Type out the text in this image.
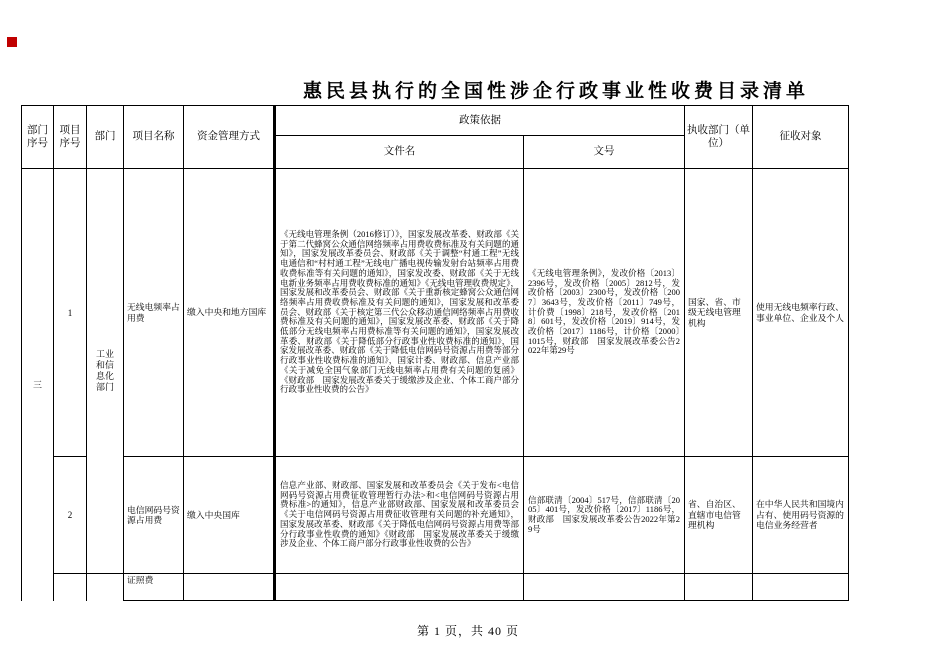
惠民县执行的全国性涉企行政事业性收费目录清单
部门序号	项目序号	部门	项目名称	资金管理方式	政策依据		执收部门（单位）	征收对象
					文件名	文号		
三	1	工业和信息化部门	无线电频率占用费	缴入中央和地方国库	《无线电管理条例（2016修订）》，国家发展改革委、财政部《关于第二代蜂窝公众通信网络频率占用费收费标准及有关问题的通知》，国家发展改革委员会、财政部《关于调整“村通工程”无线电通信和“村村通工程”无线电广播电视传输发射台站频率占用费收费标准等有关问题的通知》，国家发改委、财政部《关于无线电新业务频率占用费收费标准的通知》《无线电管理收费规定》，国家发展和改革委员会、财政部《关于重新核定蜂窝公众通信网络频率占用费收费标准及有关问题的通知》，国家发展和改革委员会、财政部《关于核定第三代公众移动通信网络频率占用费收费标准及有关问题的通知》，国家发展改革委、财政部《关于降低部分无线电频率占用费标准等有关问题的通知》，国家发展改革委、财政部《关于降低部分行政事业性收费标准的通知》，国家发展改革委、财政部《关于降低电信网码号资源占用费等部分行政事业性收费标准的通知》，国家计委、财政部、信息产业部《关于减免全国气象部门无线电频率占用费有关问题的复函》《财政部　国家发展改革委关于缓缴涉及企业、个体工商户部分行政事业性收费的公告》	《无线电管理条例》，发改价格〔2013〕2396号，发改价格〔2005〕2812号，发改价格〔2003〕2300号，发改价格〔2007〕3643号，发改价格〔2011〕749号，计价费〔1998〕218号，发改价格〔2018〕601号，发改价格〔2019〕914号，发改价格〔2017〕1186号，计价格〔2000〕1015号，财政部　国家发展改革委公告2022年第29号	国家、省、市级无线电管理机构	使用无线电频率行政、事业单位、企业及个人
	2		电信网码号资源占用费	缴入中央国库	信息产业部、财政部、国家发展和改革委员会《关于发布<电信网码号资源占用费征收管理暂行办法>和<电信网码号资源占用费标准>的通知》，信息产业部财政部、国家发展和改革委员会《关于电信网码号资源占用费征收管理有关问题的补充通知》，国家发展改革委、财政部《关于降低电信网码号资源占用费等部分行政事业性收费的通知》《财政部　国家发展改革委关于缓缴涉及企业、个体工商户部分行政事业性收费的公告》	信部联清〔2004〕517号，信部联清〔2005〕401号，发改价格〔2017〕1186号，财政部　国家发展改革委公告2022年第29号	省、自治区、直辖市电信管理机构	在中华人民共和国境内占有、使用码号资源的电信业务经营者
			证照费					
第 1 页，共 40 页
